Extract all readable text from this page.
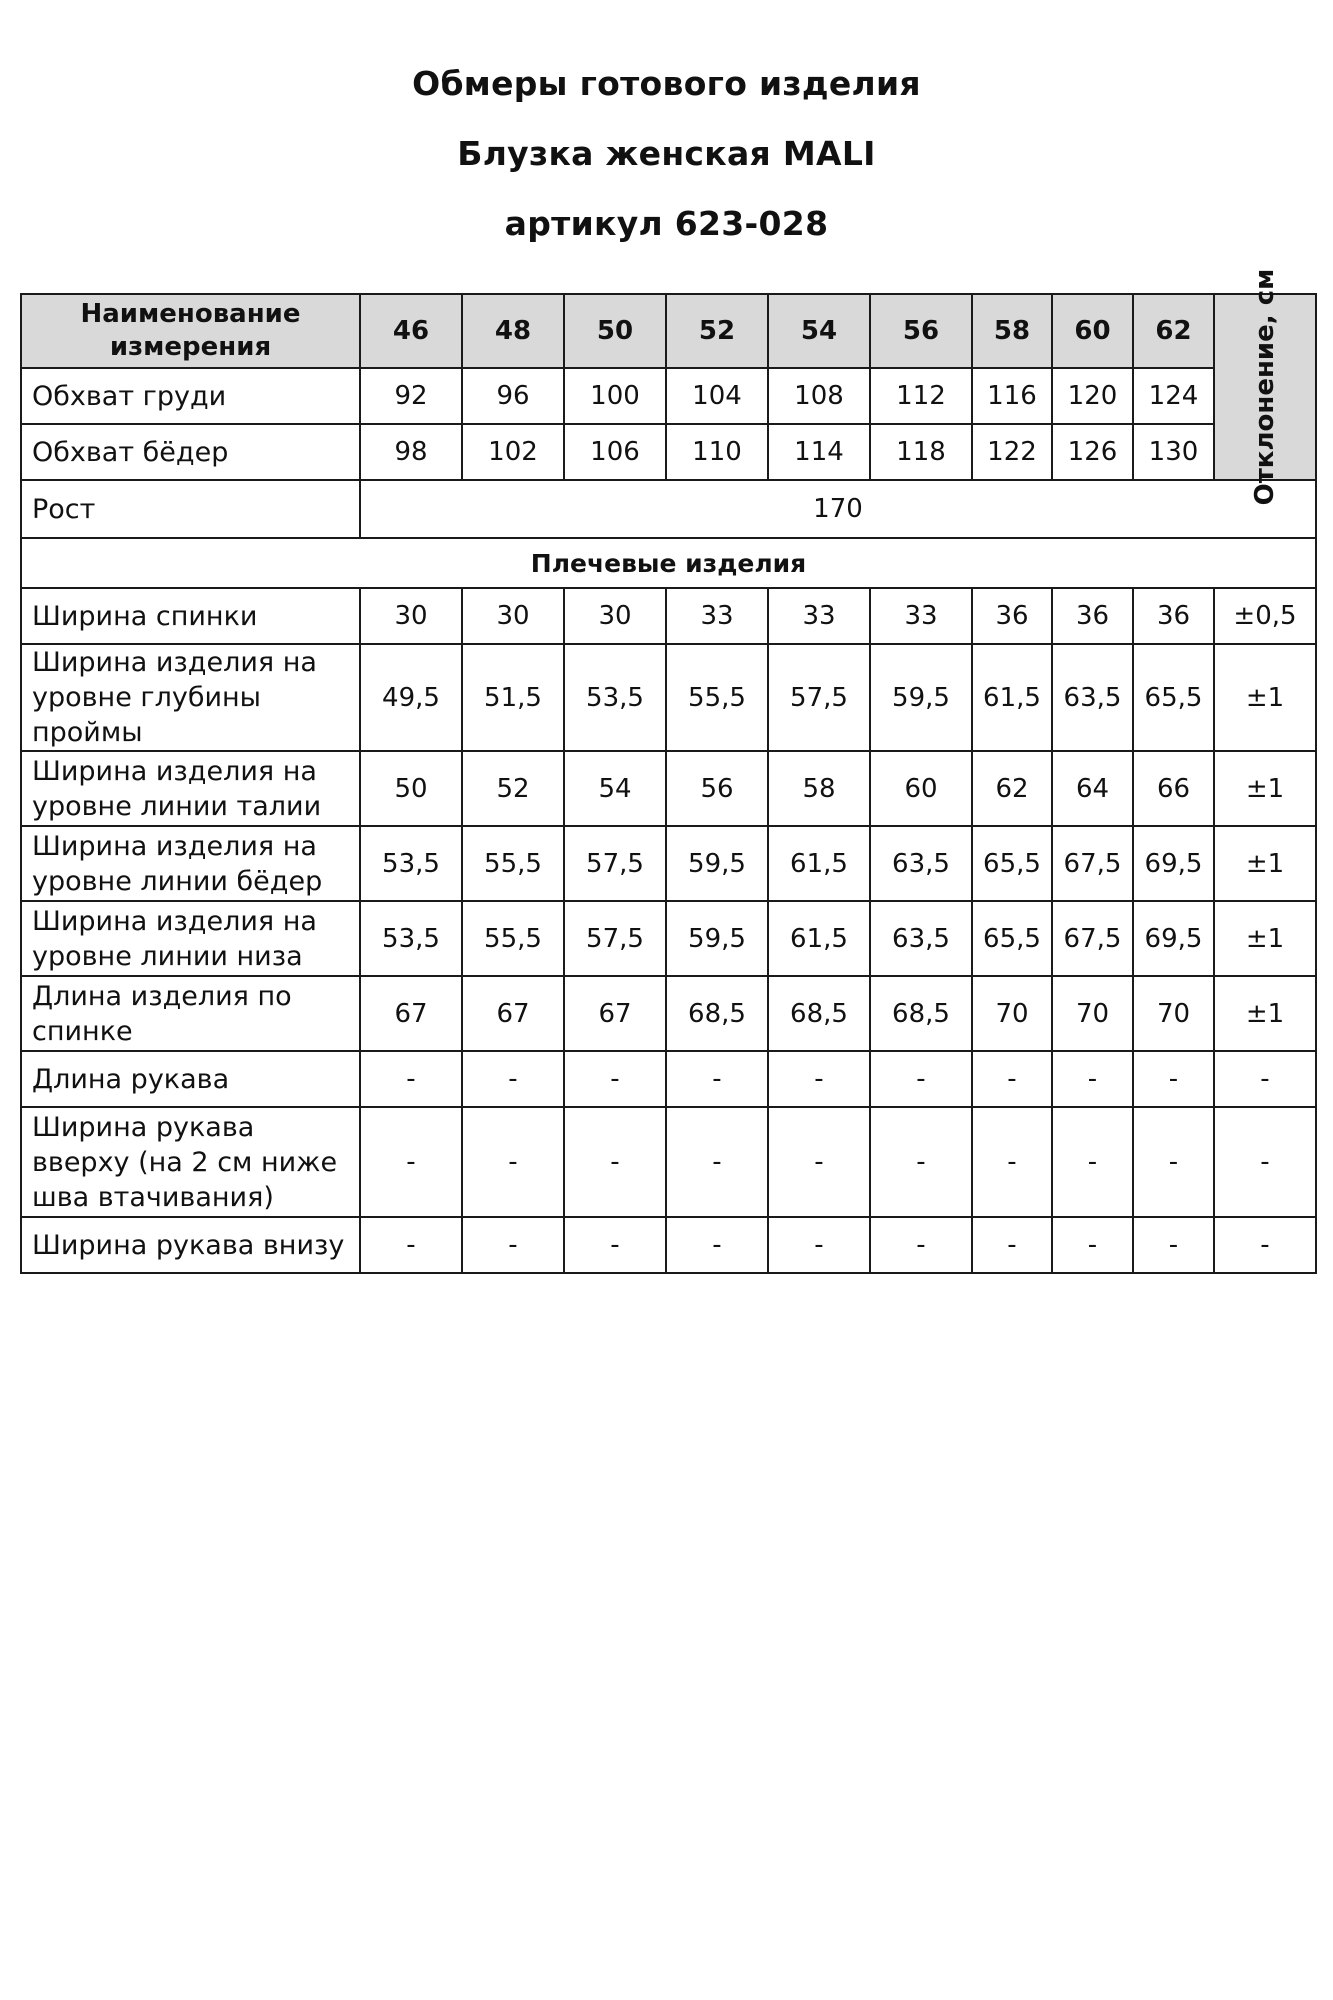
Обмеры готового изделия
Блузка женская MALI
артикул 623-028
Наименование измерения	46	48	50	52	54	56	58	60	62	Отклонение, см

Обхват груди	92	96	100	104	108	112	116	120	124	
Обхват бёдер	98	102	106	110	114	118	122	126	130	
Рост	170									
Плечевые изделия										
Ширина спинки	30	30	30	33	33	33	36	36	36	±0,5
Ширина изделия на уровне глубины проймы	49,5	51,5	53,5	55,5	57,5	59,5	61,5	63,5	65,5	±1
Ширина изделия на уровне линии талии	50	52	54	56	58	60	62	64	66	±1
Ширина изделия на уровне линии бёдер	53,5	55,5	57,5	59,5	61,5	63,5	65,5	67,5	69,5	±1
Ширина изделия на уровне линии низа	53,5	55,5	57,5	59,5	61,5	63,5	65,5	67,5	69,5	±1
Длина изделия по спинке	67	67	67	68,5	68,5	68,5	70	70	70	±1
Длина рукава	-	-	-	-	-	-	-	-	-	-
Ширина рукава вверху (на 2 см ниже шва втачивания)	-	-	-	-	-	-	-	-	-	-
Ширина рукава внизу	-	-	-	-	-	-	-	-	-	-
